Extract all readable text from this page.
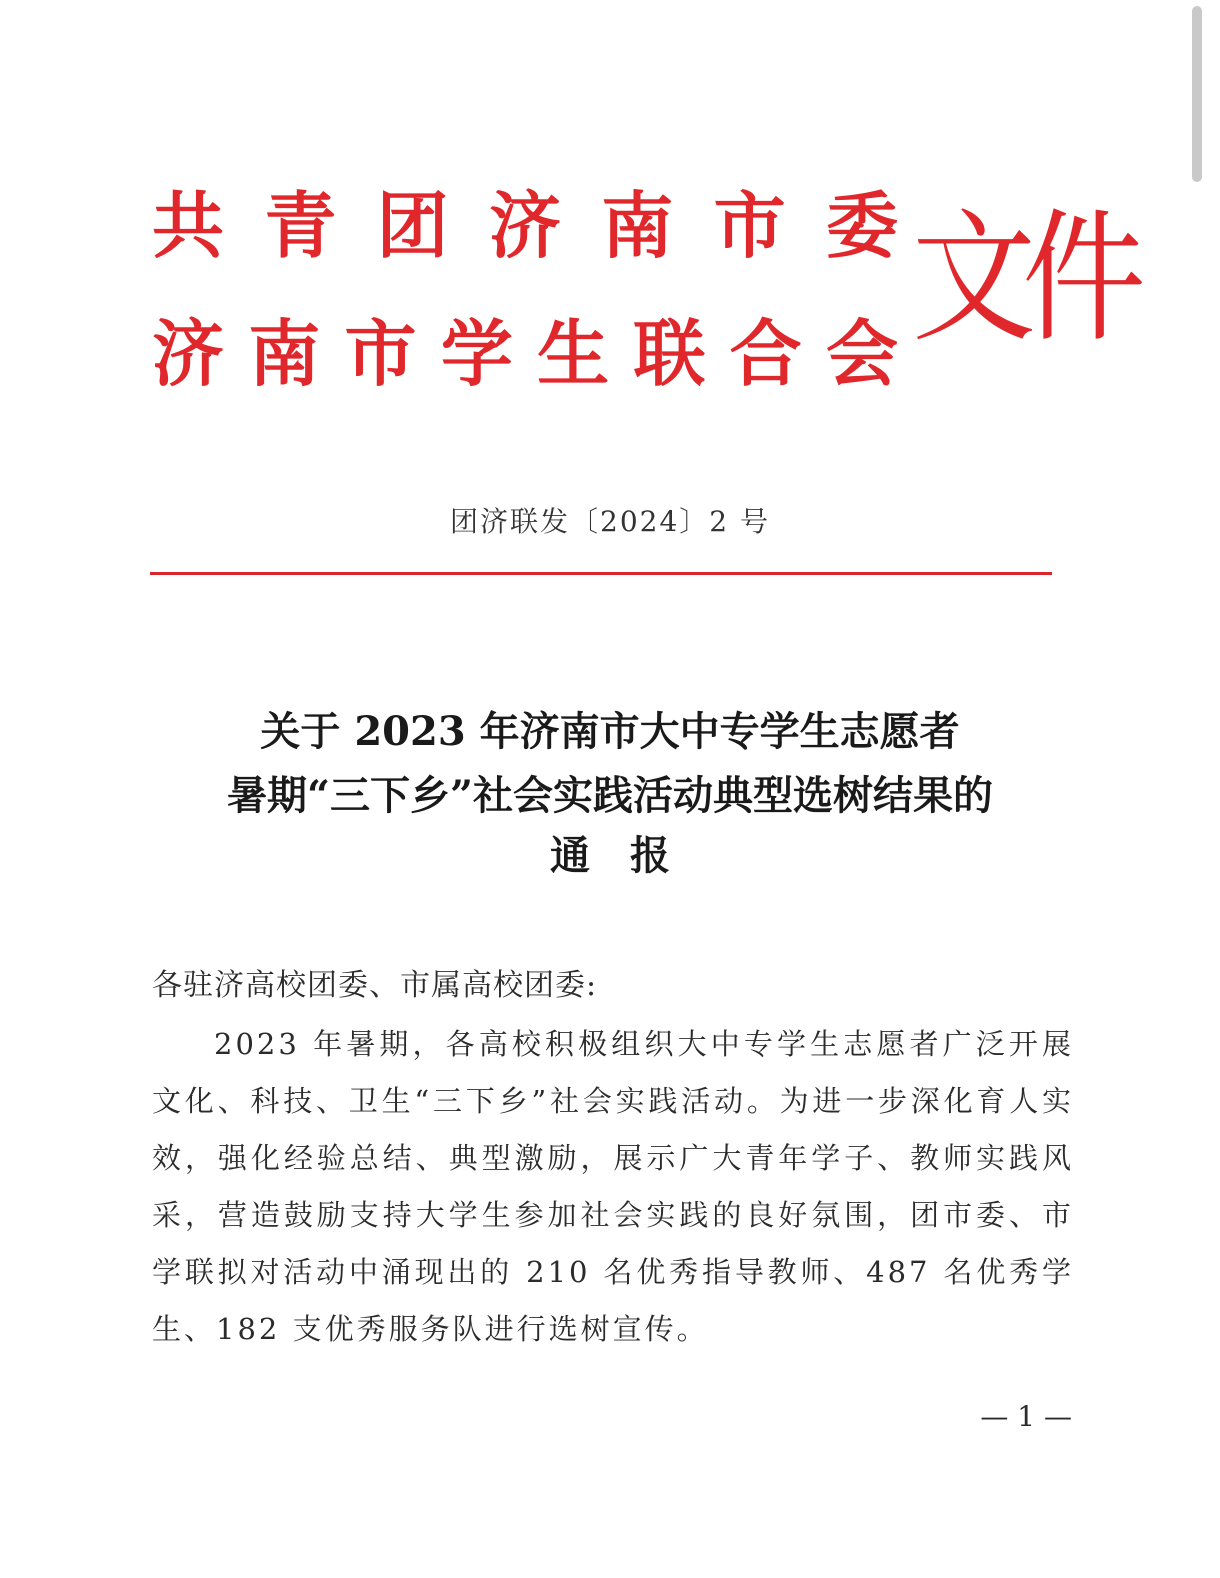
共 青 团 济 南 市 委
济 南 市 学 生 联 合 会 文件
团济联发〔2024〕2 号
关于 2023 年济南市大中专学生志愿者
暑期“三下乡”社会实践活动典型选树结果的
通报
各驻济高校团委、市属高校团委:

2023 年暑期，各高校积极组织大中专学生志愿者广泛开展文化、科技、卫生“三下乡”社会实践活动。为进一步深化育人实效，强化经验总结、典型激励，展示广大青年学子、教师实践风采，营造鼓励支持大学生参加社会实践的良好氛围，团市委、市学联拟对活动中涌现出的 210 名优秀指导教师、487 名优秀学生、182 支优秀服务队进行选树宣传。

— 1 —
